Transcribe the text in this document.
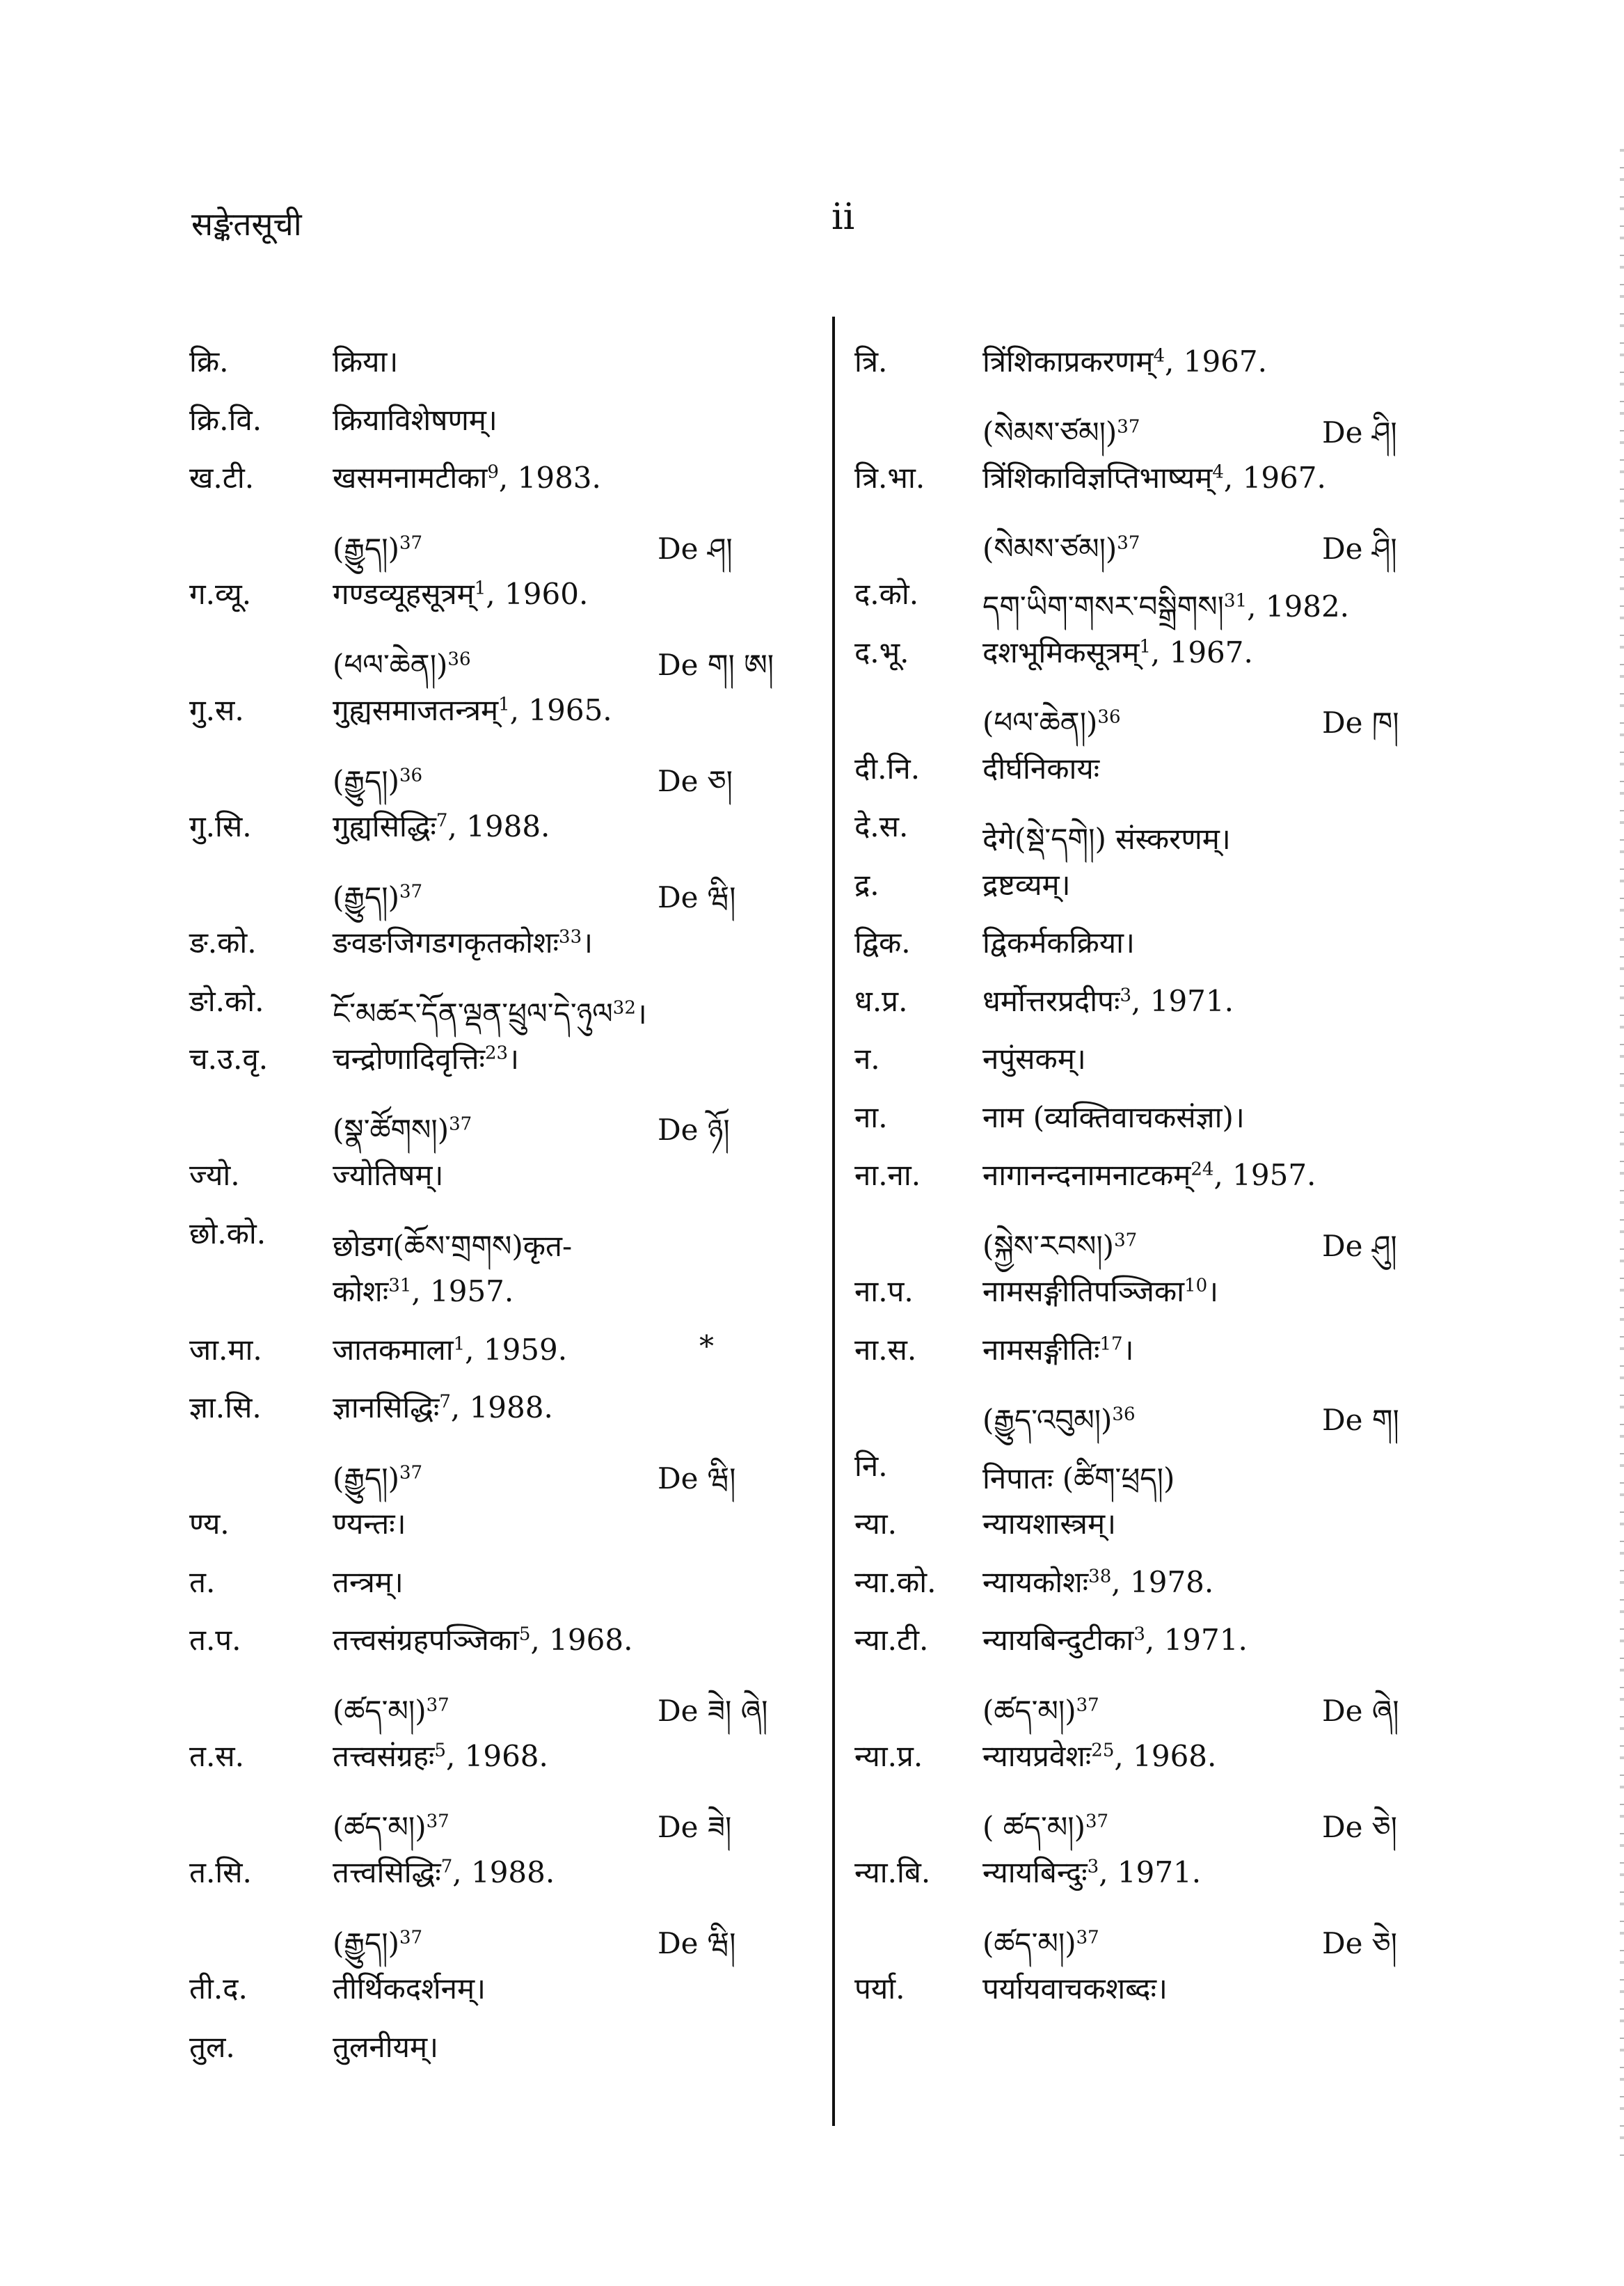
सङ्केतसूची	ii
क्रि.	क्रिया।
क्रि.वि. क्रियाविशेषणम्।
ख.टी.	खसमनामटीका$^9$, 1983.
(རྒྱུད།)$^{37}$	De ཤ།
ग.व्यू.	गण्डव्यूहसूत्रम्$^1$, 1960.
(ཕལ་ཆེན།)$^{36}$	De ག། ཨ།
गु.स.	गुह्यसमाजतन्त्रम्$^1$, 1965.
(རྒྱུད།)$^{36}$	De ཅ།
गु.सि.	गुह्यसिद्धिः$^7$, 1988.
(རྒྱུད།)$^{37}$	De ཝི།
ङ.को.	ङवङजिगडगकृतकोशः$^{33}$।
ङो.को. ངོ་མཚར་དོན་ལྡན་ཕྲུལ་དེ་ཉུལ$^{32}$।
च.उ.वृ. चन्द्रोणादिवृत्तिः$^{23}$।
(སྣ་ཚོགས།)$^{37}$	De ཉོ།
ज्यो.	ज्योतिषम्।
छो.को. छोडग(ཆོས་གྲགས)कृत-
कोशः$^{31}$, 1957.
जा.मा. जातकमाला$^1$, 1959.	*
ज्ञा.सि. ज्ञानसिद्धिः$^7$, 1988.
(རྒྱུད།)$^{37}$	De ཝི།
ण्य.	ण्यन्तः।
त.	तन्त्रम्।
त.प.	तत्त्वसंग्रहपञ्जिका$^5$, 1968.
(ཚད་མ།)$^{37}$	De ཟེ། ཞེ།
त.स.	तत्त्वसंग्रहः$^5$, 1968.
(ཚད་མ།)$^{37}$	De ཟེ།
त.सि.	तत्त्वसिद्धिः$^7$, 1988.
(རྒྱུད།)$^{37}$	De ཝི།
ती.द.	तीर्थिकदर्शनम्।
तुल.	तुलनीयम्।
त्रि.	त्रिंशिकाप्रकरणम्$^4$, 1967.
(སེམས་ཙམ།)$^{37}$	De ཤི།
त्रि.भा. त्रिंशिकाविज्ञप्तिभाष्यम्$^4$, 1967.
(སེམས་ཙམ།)$^{37}$	De ཤི།
द.को. དག་ཡིག་གསར་བསྒྲིགས།$^{31}$, 1982.
द.भू.	दशभूमिकसूत्रम्$^1$, 1967.
(ཕལ་ཆེན།)$^{36}$	De ཁ།
दी.नि. दीर्घनिकायः
दे.स.	देगे(སྡེ་དགེ།) संस्करणम्।
द्र.	द्रष्टव्यम्।
द्विक. द्विकर्मकक्रिया।
ध.प्र.	धर्मोत्तरप्रदीपः$^3$, 1971.
न.	नपुंसकम्।
ना.	नाम (व्यक्तिवाचकसंज्ञा)।
ना.ना. नागानन्दनामनाटकम्$^{24}$, 1957.
(སྐྱེས་རབས།)$^{37}$	De ཤུ།
ना.प. नामसङ्गीतिपञ्जिका$^{10}$।
ना.स. नामसङ्गीतिः$^{17}$।
(རྒྱུད་འབུམ།)$^{36}$	De ག།
नि.	निपातः (ཚིག་ཕྲད།)
न्या.	न्यायशास्त्रम्।
न्या.को. न्यायकोशः$^{38}$, 1978.
न्या.टी. न्यायबिन्दुटीका$^3$, 1971.
(ཚད་མ།)$^{37}$	De ཞེ།
न्या.प्र. न्यायप्रवेशः$^{25}$, 1968.
( ཚད་མ།)$^{37}$	De ཅེ།
न्या.बि. न्यायबिन्दुः$^3$, 1971.
(ཚད་མ།)$^{37}$	De ཅེ།
पर्या.	पर्यायवाचकशब्दः।
